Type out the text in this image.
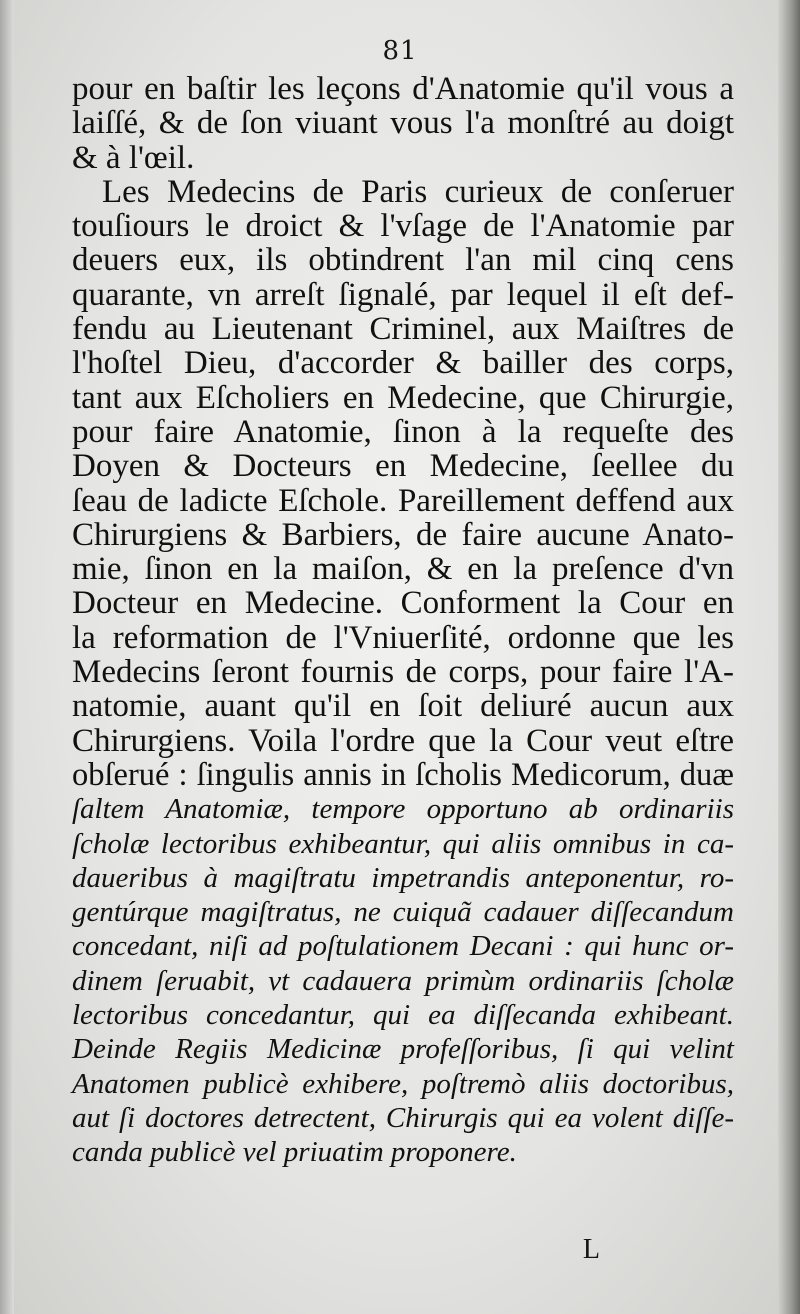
81
pour en baſtir les leçons d'Anatomie qu'il vous a
laiſſé, & de ſon viuant vous l'a monſtré au doigt
& à l'œil.
Les Medecins de Paris curieux de conſeruer
touſiours le droict & l'vſage de l'Anatomie par
deuers eux, ils obtindrent l'an mil cinq cens
quarante, vn arreſt ſignalé, par lequel il eſt def-
fendu au Lieutenant Criminel, aux Maiſtres de
l'hoſtel Dieu, d'accorder & bailler des corps,
tant aux Eſcholiers en Medecine, que Chirurgie,
pour faire Anatomie, ſinon à la requeſte des
Doyen & Docteurs en Medecine, ſeellee du
ſeau de ladicte Eſchole. Pareillement deffend aux
Chirurgiens & Barbiers, de faire aucune Anato-
mie, ſinon en la maiſon, & en la preſence d'vn
Docteur en Medecine. Conforment la Cour en
la reformation de l'Vniuerſité, ordonne que les
Medecins ſeront fournis de corps, pour faire l'A-
natomie, auant qu'il en ſoit deliuré aucun aux
Chirurgiens. Voila l'ordre que la Cour veut eſtre
obſerué : ſingulis annis in ſcholis Medicorum, duæ
ſaltem Anatomiæ, tempore opportuno ab ordinariis
ſcholæ lectoribus exhibeantur, qui aliis omnibus in ca-
daueribus à magiſtratu impetrandis anteponentur, ro-
gentúrque magiſtratus, ne cuiquã cadauer diſſecandum
concedant, niſi ad poſtulationem Decani : qui hunc or-
dinem ſeruabit, vt cadauera primùm ordinariis ſcholæ
lectoribus concedantur, qui ea diſſecanda exhibeant.
Deinde Regiis Medicinæ profeſſoribus, ſi qui velint
Anatomen publicè exhibere, poſtremò aliis doctoribus,
aut ſi doctores detrectent, Chirurgis qui ea volent diſſe-
canda publicè vel priuatim proponere.
L
